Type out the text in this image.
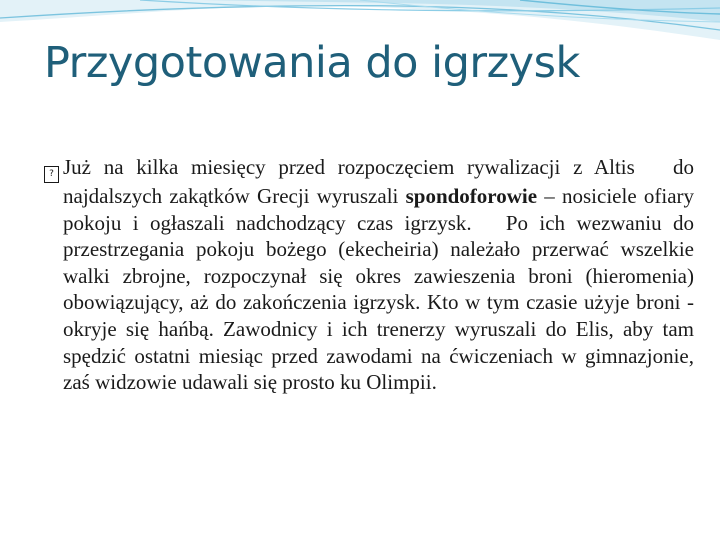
Przygotowania do igrzysk

? Już na kilka miesięcy przed rozpoczęciem rywalizacji z Altis   do najdalszych zakątków Grecji wyruszali spondoforowie – nosiciele ofiary pokoju i ogłaszali nadchodzący czas igrzysk.   Po ich wezwaniu do przestrzegania pokoju bożego (ekecheiria) należało przerwać wszelkie walki zbrojne, rozpoczynał się okres zawieszenia broni (hieromenia) obowiązujący, aż do zakończenia igrzysk. Kto w tym czasie użyje broni - okryje się hańbą. Zawodnicy i ich trenerzy wyruszali do Elis, aby tam spędzić ostatni miesiąc przed zawodami na ćwiczeniach w gimnazjonie, zaś widzowie udawali się prosto ku Olimpii.
